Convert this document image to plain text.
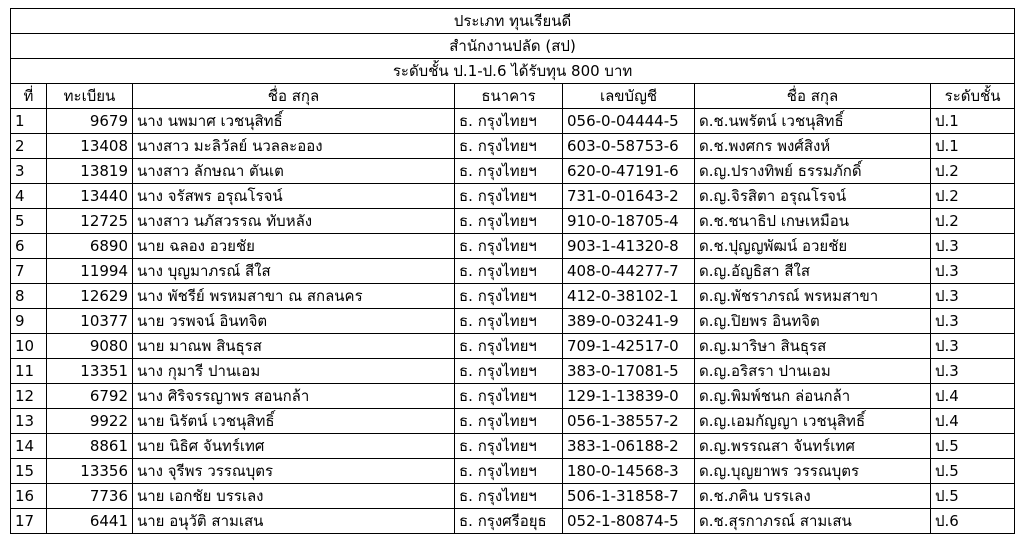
ประเภท ทุนเรียนดี						
สำนักงานปลัด (สป)						
ระดับชั้น ป.1-ป.6 ได้รับทุน 800 บาท						
ที่	ทะเบียน	ชื่อ สกุล	ธนาคาร	เลขบัญชี	ชื่อ สกุล	ระดับชั้น
1	9679	นาง นพมาศ เวชนุสิทธิ์	ธ. กรุงไทยฯ	056-0-04444-5	ด.ช.นพรัตน์ เวชนุสิทธิ์	ป.1
2	13408	นางสาว มะลิวัลย์ นวลละออง	ธ. กรุงไทยฯ	603-0-58753-6	ด.ช.พงศกร พงศ์สิงห์	ป.1
3	13819	นางสาว ลักษณา ตันเต	ธ. กรุงไทยฯ	620-0-47191-6	ด.ญ.ปรางทิพย์ ธรรมภักดิ์	ป.2
4	13440	นาง จรัสพร อรุณโรจน์	ธ. กรุงไทยฯ	731-0-01643-2	ด.ญ.จิรสิตา อรุณโรจน์	ป.2
5	12725	นางสาว นภัสวรรณ ทับหลัง	ธ. กรุงไทยฯ	910-0-18705-4	ด.ช.ชนาธิป เกษเหมือน	ป.2
6	6890	นาย ฉลอง อวยชัย	ธ. กรุงไทยฯ	903-1-41320-8	ด.ช.ปุญญพัฒน์ อวยชัย	ป.3
7	11994	นาง บุญมาภรณ์ สีใส	ธ. กรุงไทยฯ	408-0-44277-7	ด.ญ.อัญธิสา สีใส	ป.3
8	12629	นาง พัชรีย์ พรหมสาขา ณ สกลนคร	ธ. กรุงไทยฯ	412-0-38102-1	ด.ญ.พัชราภรณ์ พรหมสาขา	ป.3
9	10377	นาย วรพจน์ อินทจิต	ธ. กรุงไทยฯ	389-0-03241-9	ด.ญ.ปิยพร อินทจิต	ป.3
10	9080	นาย มาณพ สินธุรส	ธ. กรุงไทยฯ	709-1-42517-0	ด.ญ.มาริษา สินธุรส	ป.3
11	13351	นาง กุมารี ปานเอม	ธ. กรุงไทยฯ	383-0-17081-5	ด.ญ.อริสรา ปานเอม	ป.3
12	6792	นาง ศิริจรรญาพร สอนกล้า	ธ. กรุงไทยฯ	129-1-13839-0	ด.ญ.พิมพ์ชนก ล่อนกล้า	ป.4
13	9922	นาย นิรัตน์ เวชนุสิทธิ์	ธ. กรุงไทยฯ	056-1-38557-2	ด.ญ.เอมกัญญา เวชนุสิทธิ์	ป.4
14	8861	นาย นิธิศ จันทร์เทศ	ธ. กรุงไทยฯ	383-1-06188-2	ด.ญ.พรรณสา จันทร์เทศ	ป.5
15	13356	นาง จุรีพร วรรณบุตร	ธ. กรุงไทยฯ	180-0-14568-3	ด.ญ.บุญยาพร วรรณบุตร	ป.5
16	7736	นาย เอกชัย บรรเลง	ธ. กรุงไทยฯ	506-1-31858-7	ด.ช.ภคิน บรรเลง	ป.5
17	6441	นาย อนุวัติ สามเสน	ธ. กรุงศรีอยุธ	052-1-80874-5	ด.ช.สุรกาภรณ์ สามเสน	ป.6
